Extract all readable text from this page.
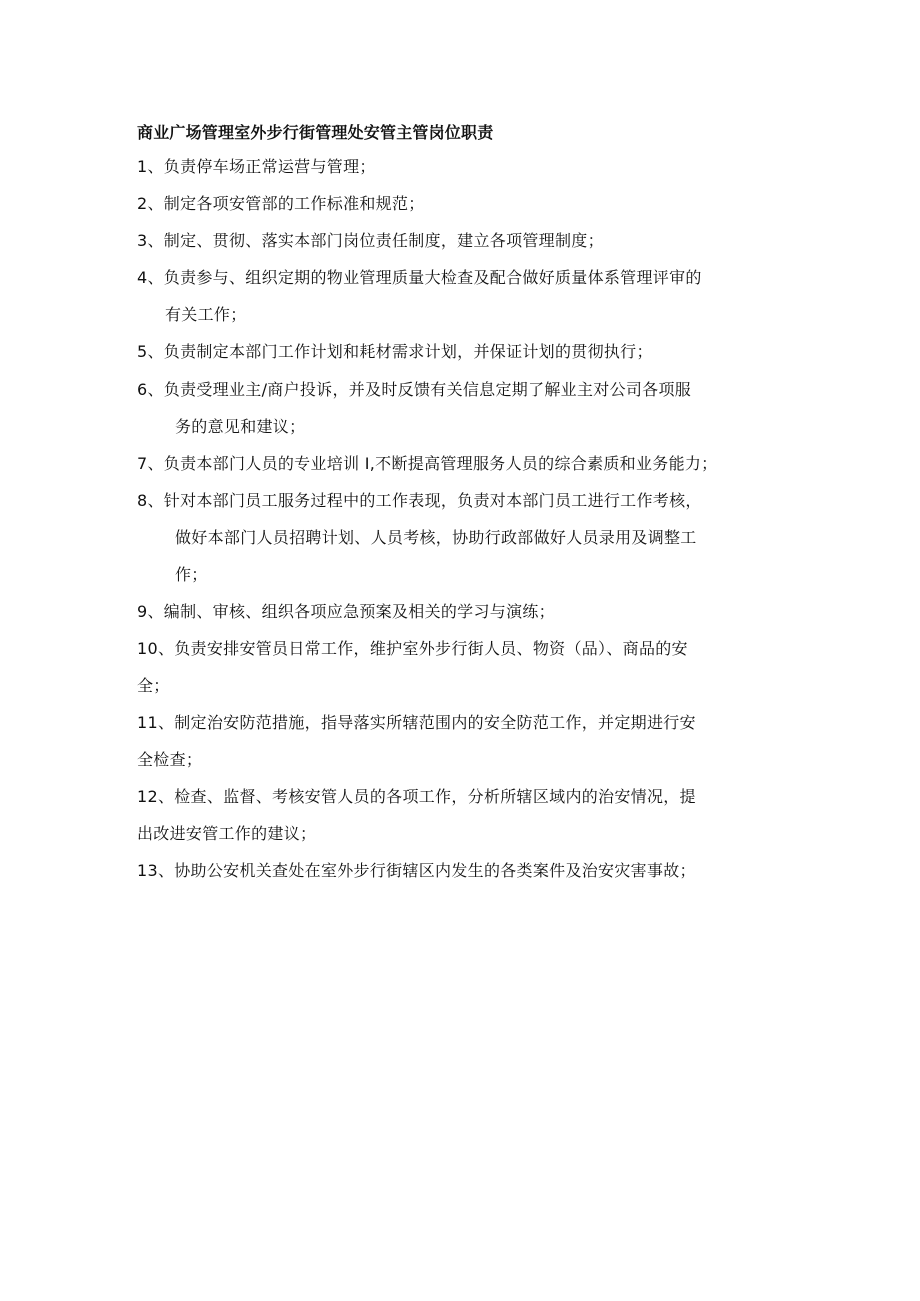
商业广场管理室外步行街管理处安管主管岗位职责
1、负责停车场正常运营与管理；
2、制定各项安管部的工作标准和规范；
3、制定、贯彻、落实本部门岗位责任制度，建立各项管理制度；
4、负责参与、组织定期的物业管理质量大检查及配合做好质量体系管理评审的
有关工作；
5、负责制定本部门工作计划和耗材需求计划，并保证计划的贯彻执行；
6、负责受理业主/商户投诉，并及时反馈有关信息定期了解业主对公司各项服
务的意见和建议；
7、负责本部门人员的专业培训 I,不断提高管理服务人员的综合素质和业务能力；
8、针对本部门员工服务过程中的工作表现，负责对本部门员工进行工作考核，
做好本部门人员招聘计划、人员考核，协助行政部做好人员录用及调整工
作；
9、编制、审核、组织各项应急预案及相关的学习与演练；
10、负责安排安管员日常工作，维护室外步行街人员、物资（品）、商品的安
全；
11、制定治安防范措施，指导落实所辖范围内的安全防范工作，并定期进行安
全检查；
12、检查、监督、考核安管人员的各项工作，分析所辖区域内的治安情况，提
出改进安管工作的建议；
13、协助公安机关查处在室外步行街辖区内发生的各类案件及治安灾害事故；
